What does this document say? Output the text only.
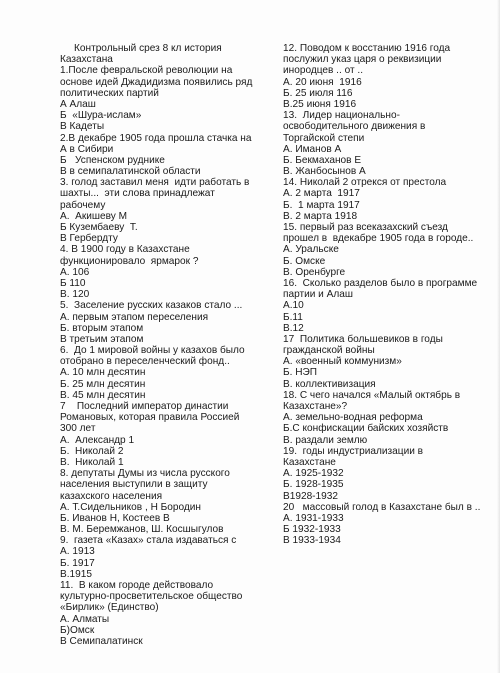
Контрольный срез 8 кл история
Казахстана
1.После февральской революции на
основе идей Джадидизма появились ряд
политических партий
А Алаш
Б  «Шура-ислам»
В Кадеты
2.В декабре 1905 года прошла стачка на
А в Сибири
Б   Успенском руднике
В в семипалатинской области
3. голод заставил меня  идти работать в
шахты...  эти слова принадлежат
рабочему
А.  Акишеву М
Б Кузембаеву  Т.
В Гербердту
4. В 1900 году в Казахстане
функционировало  ярмарок ?
А. 106
Б 110
В. 120
5.  Заселение русских казаков стало ...
А. первым этапом переселения
Б. вторым этапом
В третьим этапом
6.  До 1 мировой войны у казахов было
отобрано в переселенческий фонд..
А. 10 млн десятин
Б. 25 млн десятин
В. 45 млн десятин
7    Последний император династии
Романовых, которая правила Россией
300 лет
А.  Александр 1
Б.  Николай 2
В.  Николай 1
8. депутаты Думы из числа русского
населения выступили в защиту
казахского населения
А. Т.Сидельников , Н Бородин
Б. Иванов Н, Костеев В
В. М. Беремжанов, Ш. Косшыгулов
9.  газета «Казах» стала издаваться с
А. 1913
Б. 1917
В.1915
11.  В каком городе действовало
культурно-просветительское общество
«Бирлик» (Единство)
А. Алматы
Б)Омск
В Семипалатинск
12. Поводом к восстанию 1916 года
послужил указ царя о реквизиции
инородцев .. от ..
А. 20 июня  1916
Б. 25 июля 116
В.25 июня 1916
13.  Лидер национально-
освободительного движения в
Торгайской степи
А. Иманов А
Б. Бекмаханов Е
В. Жанбосынов А
14. Николай 2 отрекся от престола
А. 2 марта  1917
Б.  1 марта 1917
В. 2 марта 1918
15. первый раз всеказахский съезд
прошел в  вдекабре 1905 года в городе..
А. Уральске
Б. Омске
В. Оренбурге
16.  Сколько разделов было в программе
партии и Алаш
А.10
Б.11
В.12
17  Политика большевиков в годы
гражданской войны
А. «военный коммунизм»
Б. НЭП
В. коллективизация
18. С чего начался «Малый октябрь в
Казахстане»?
А. земельно-водная реформа
Б.С конфискации байских хозяйств
В. раздали землю
19.  годы индустриализации в
Казахстане
А. 1925-1932
Б. 1928-1935
В1928-1932
20   массовый голод в Казахстане был в ..
А. 1931-1933
Б 1932-1933
В 1933-1934
